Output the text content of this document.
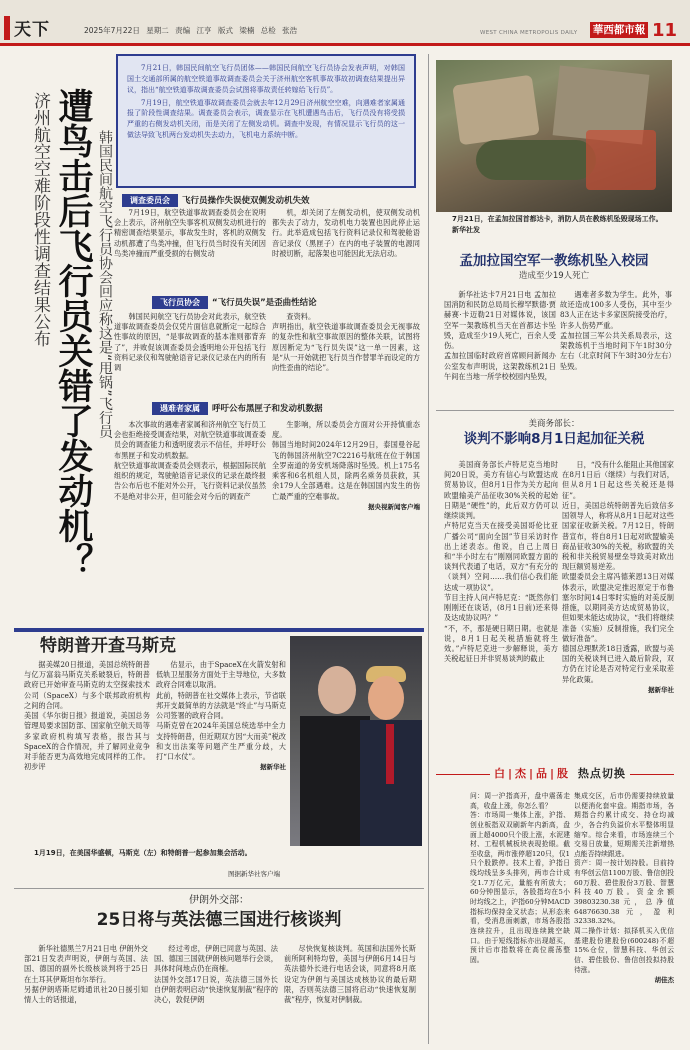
天下	2025年7月22日 星期二 责编 江亨 版式 梁楠 总检 张浩	WEST CHINA METROPOLIS DAILY 華西都市報 11
济州航空空难阶段性调查结果公布 遭鸟击后飞行员关错了发动机？ 韩国民间航空飞行员协会回应称这是“甩锅”飞行员

7月21日，韩国民间航空飞行员团体——韩国民间航空飞行员协会发表声明，对韩国国土交通部所属的航空铁道事故调查委员会关于济州航空客机事故事故初调查结果提出异议，指出“航空铁道事故调查委员会试图将事故责任转嫁给飞行员”。

7月19日，航空铁道事故调查委员会就去年12月29日济州航空空难，向遇难者家属通报了阶段性调查结果。调查委员会表示，调查显示在飞机遭遇鸟击后，飞行员没有将受损严重的右侧发动机关闭，而是关闭了左侧发动机。调查中发现，有情况显示飞行员的这一做法导致飞机两台发动机失去动力，飞机电力系统中断。

调查委员会	飞行员操作失误使双侧发动机失效

7月19日，航空铁道事故调查委员会在说明会上表示，济州航空失事客机双侧发动机进行的精密调查结果显示，事故发生时，客机的双侧发动机都遭了鸟类冲撞，但飞行员当时没有关闭因鸟类冲撞而严重受损的右侧发动

机，却关闭了左侧发动机，使双侧发动机都失去了动力，发动机电力装置也因此停止运行。此举造成包括飞行资料记录仪和驾驶舱语音记录仪（黑匣子）在内的电子装置的电源同时被切断，起落架也可能因此无法启动。

飞行员协会	“飞行员失误”是歪曲性结论

韩国民间航空飞行员协会对此表示，航空铁道事故调查委员会仅凭片面信息就断定一起综合性事故的原因，“是事故调查的基本准则都背弃了”，并败促该调查委员会透明地公开包括飞行资料记录仪和驾驶舱语音记录仪记录在内的所有调

查资料。
声明指出，航空铁道事故调查委员会无视事故的复杂性和航空事故原因的整体关联，试图将原因断定为“飞行员失误”这一单一因素，这是“从一开始就把飞行员当作替罪羊而设定的方向性歪曲的结论”。

遇难者家属	呼吁公布黑匣子和发动机数据

本次事故的遇难者家属和济州航空飞行员工会也拒绝接受调查结果，对航空铁道事故调查委员会的调查能力和透明度表示不信任，并呼吁公布黑匣子和发动机数据。
航空铁道事故调查委员会则表示，根据国际民航组织的规定，驾驶舱语音记录仪的记录在最终报告公布后也不能对外公开，飞行资料记录仪虽然不是绝对非公开，但可能会对今后的调查产

生影响，所以委员会方面对公开持慎重态度。
韩国当地时间2024年12月29日，泰国曼谷起飞的韩国济州航空7C2216号航班在位于韩国全罗南道的务安机场降落时坠毁。机上175名乘客和6名机组人员，除两名乘务员获救，其余179人全部遇难。这是在韩国国内发生的伤亡最严重的空难事故。

据央视新闻客户端
7月21日，在孟加拉国首都达卡，消防人员在教练机坠毁现场工作。 新华社发
孟加拉国空军一教练机坠入校园
造成至少19人死亡

新华社达卡7月21日电 孟加拉国消防和民防总局局长穆罕默德·贾赫赛·卡迈勒21日对媒体说，该国空军一架教练机当天在首都达卡坠毁，造成至少19人死亡，百余人受伤。
孟加拉国临时政府首席顾问新闻办公室发布声明说，这架教练机21日午间在当地一所学校校园内坠毁，

遇难者多数为学生。此外，事故还造成100多人受伤，其中至少83人正在达卡多家医院接受治疗，许多人伤势严重。
孟加拉国三军公共关系局表示，这架教练机于当地时间下午1时30分左右（北京时间下午3时30分左右）坠毁。

美商务部长：
谈判不影响8月1日起加征关税

美国商务部长卢特尼克当地时间20日说，美方有信心与欧盟达成贸易协议，但8月1日作为关方起向欧盟输美产品征收30%关税的起始日期是“硬性”的，此后双方仍可以继续谈判。
卢特尼克当天在接受美国哥伦比亚广播公司“面向全国”节目采访时作出上述表态。他说，自己上周日和“半小时左右”刚刚同欧盟方面的谈判代表通了电话，双方“有充分的（谈判）空间……我们信心我们能达成一项协议”。
节目主持人问卢特尼克：“既然你们刚刚还在谈话，(8月1日前)还来得及达成协议吗？”
“不，不，那是硬日期日期。也就是说，8月1日起关税措施就将生效。”卢特尼克进一步解释说，美方关税起征日并非贸易谈判的截止

日，“没有什么能阻止其他国家在8月1日后（继续）与我们对话，但从8月1日起这些关税还是得征”。
近日，美国总统特朗普先后致信多国领导人，称将从8月1日起对这些国家征收新关税。7月12日，特朗普宣布，将自8月1日起对欧盟输美商品征收30%的关税，称欧盟的关税和非关税贸易壁垒导致美对欧出现巨额贸易逆差。
欧盟委员会主席冯德莱恩13日对媒体表示，欧盟决定推迟原定于布鲁塞尔时间14日零时实施的对美反制措施，以期同美方达成贸易协议，但如果未能达成协议，“我们将继续准备（实施）反制措施，我们完全做好准备”。
德国总理默茨18日透露，欧盟与美国的关税谈判已进入最后阶段，双方仍在讨论是否对特定行业采取差异化政策。

据新华社
白|杰|品|股 热点切换

问：周一沪指高开，盘中震荡走高，收盘上涨，你怎么看？
答：市场周一集体上涨，沪指、创业板指双双刷新年内新高，盘面上超4000只个股上涨，水泥建材、工程机械板块表现抢眼。截至收盘，两市涨停超120只，仅1只个股跌停。技术上看，沪指日线均线呈多头排列，两市合计成交1.7万亿元，量能有所放大；60分钟图显示，各股指均在5小时均线之上，沪指60分钟MACD指标均保持金叉状态；从形态来看，受消息面刺激，市场各股指连续拉升，且出现连续跳空缺口。由于短线指标亦出现超买，预计后市指数将在高位震荡整固。

集成交区，后市仍需要持续放量以便消化套牢盘。期指市场，各期指合约累计成交、持仓均减少，各合约负溢价水平整体明显缩窄。综合来看，市场连续三个交易日放量，短期需关注新增热点能否持续跟进。
资产：周一按计划持股。目前持有华创云信1100万股、鲁信创投60万股、碧佳股份3万股、智慧科技40万股。资金余额39803230.38元，总净值64876630.38元，盈利32338.32%。
周二操作计划：拟择机买入优信基建股份建股份(600248)不超15%仓位，智慧科技、华创云信、碧佳股份、鲁信创投拟持股待涨。

胡佳杰
特朗普开查马斯克

据美媒20日报道，美国总统特朗普与亿万富翁马斯克关系破裂后，特朗普政府已开始审查马斯克的太空探索技术公司（SpaceX）与多个联邦政府机构之间的合同。
美国《华尔街日报》报道说，美国总务管理局要求国防部、国家航空航天局等多家政府机构填写表格，报告其与SpaceX的合作情况，并了解同业竞争对手能否更为高效地完成同样的工作。初步评

估显示，由于SpaceX在火箭发射和低轨卫星服务方面处于主导地位，大多数政府合同难以取消。
此前，特朗普在社交媒体上表示，节省联邦开支最简单的方法就是“终止”与马斯克公司签署的政府合同。
马斯克曾在2024年美国总统选举中全力支持特朗普，但近期双方因“大而美”税改和支出法案等问题产生严重分歧，大打“口水仗”。

据新华社
1月19日，在美国华盛顿，马斯克（左）和特朗普一起参加集会活动。
图据新华社客户端
伊朗外交部：
25日将与英法德三国进行核谈判

新华社德黑兰7月21日电 伊朗外交部21日发表声明说，伊朗与英国、法国、德国的副外长级核谈判将于25日在土耳其伊斯坦布尔举行。
另据伊朗塔斯尼姆通讯社20日援引知情人士的话报道，

经过考虑，伊朗已同意与英国、法国、德国三国就伊朗核问题举行会谈，具体时间地点仍在商榷。
法国外交部17日说，英法德三国外长自伊朗表明启动“快速恢复制裁”程序的决心，敦促伊朗

尽快恢复核谈判。英国和法国外长斯前所阿利特均曾，美国与伊朗6月14日与英法德外长进行电话会谈，同意将8月底设定为伊朗与美国达成核协议的最后期限，否则英法德三国将启动“快速恢复制裁”程序，恢复对伊制裁。
